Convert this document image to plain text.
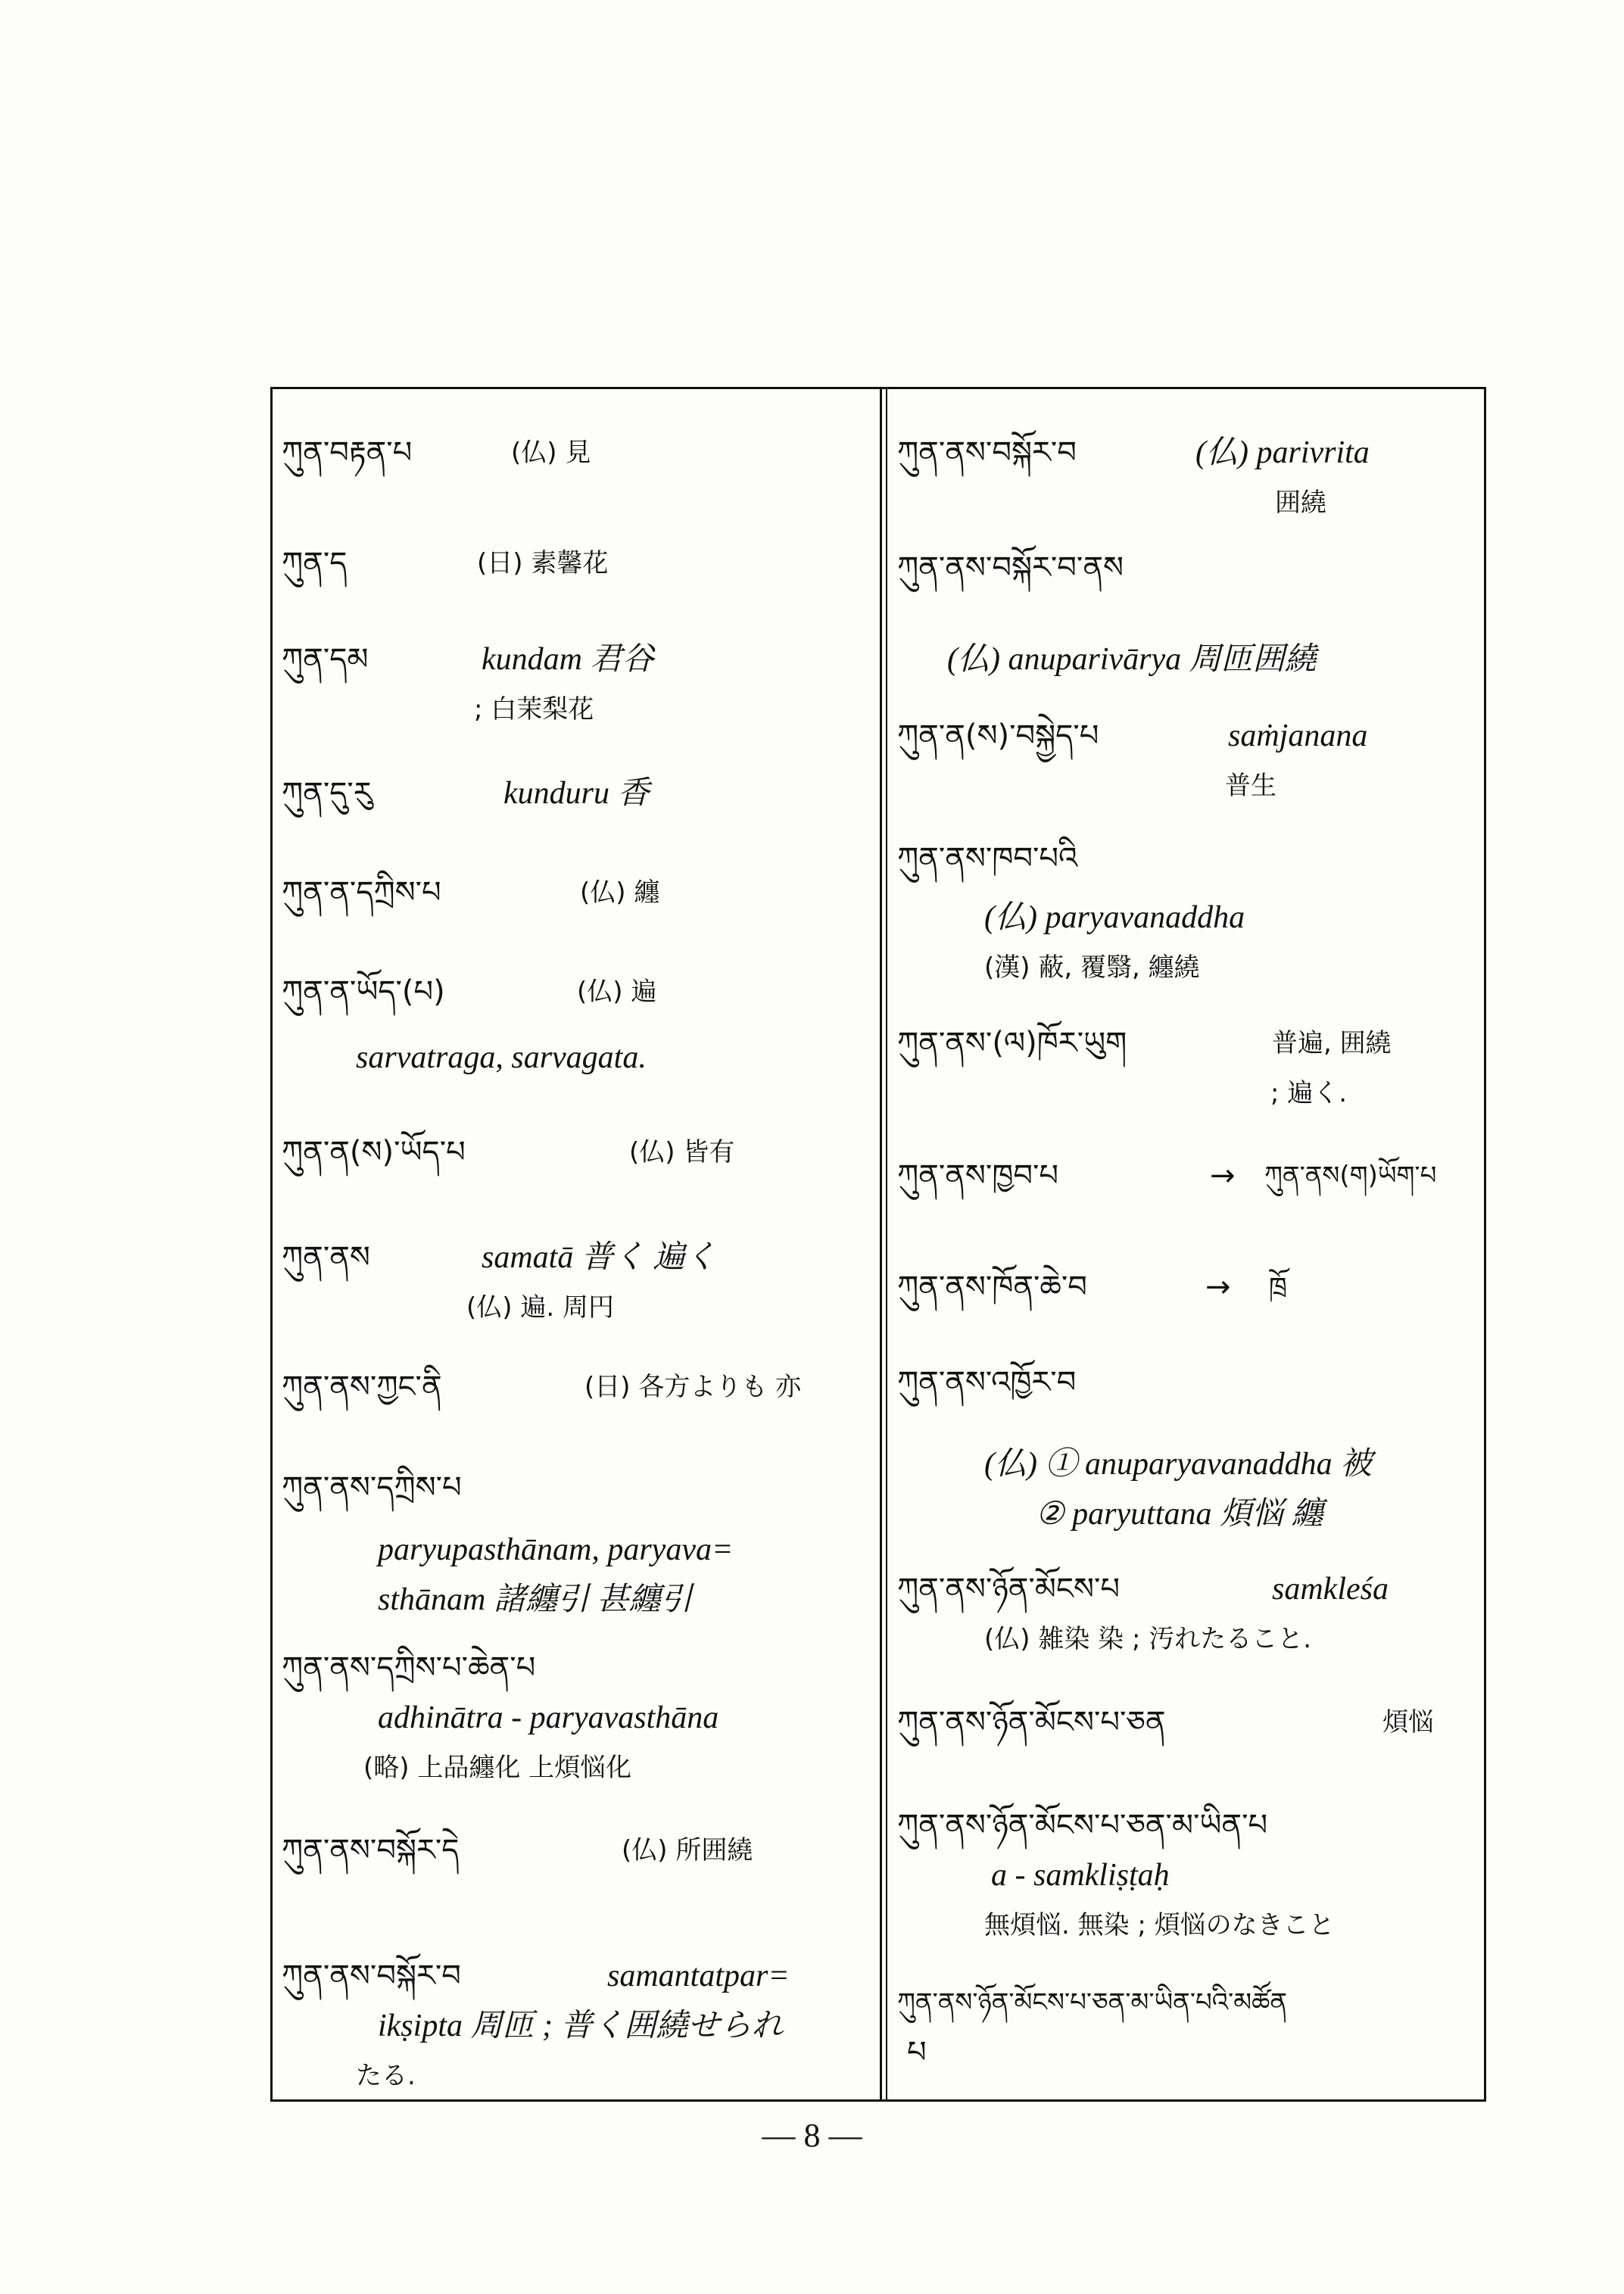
ཀུན་བརྟན་པ	(仏) 見
ཀུན་ད	(日) 素馨花
ཀུན་དམ	kundam 君谷
; 白茉梨花
ཀུན་དུ་རུ	kunduru 香
ཀུན་ན་དཀྲིས་པ	(仏) 纏
ཀུན་ན་ཡོད་(པ)	(仏) 遍
sarvatraga, sarvagata.
ཀུན་ན(ས)་ཡོད་པ	(仏) 皆有
ཀུན་ནས	samatā 普く 遍く
(仏) 遍. 周円
ཀུན་ནས་ཀྱང་ནི	(日) 各方よりも 亦
ཀུན་ནས་དཀྲིས་པ
paryupasthānam, paryava=
sthānam 諸纏引 甚纏引
ཀུན་ནས་དཀྲིས་པ་ཆེན་པ
adhinātra - paryavasthāna
(略) 上品纏化 上煩悩化
ཀུན་ནས་བསྐོར་དེ	(仏) 所囲繞
ཀུན་ནས་བསྐོར་བ	samantatpar=
ikṣipta 周匝 ; 普く囲繞せられ
たる.
ཀུན་ནས་བསྐོར་བ	(仏) parivrita
囲繞
ཀུན་ནས་བསྐོར་བ་ནས
(仏) anuparivārya 周匝囲繞
ཀུན་ན(ས)་བསྐྱེད་པ	saṁjanana
普生
ཀུན་ནས་ཁབ་པའི
(仏) paryavanaddha
(漢) 蔽, 覆翳, 纏繞
ཀུན་ནས་(ལ)ཁོར་ཡུག	普遍, 囲繞
; 遍く.
ཀུན་ནས་ཁྱབ་པ	→ ཀུན་ནས(ག)ཡོག་པ
ཀུན་ནས་ཁོན་ཆེ་བ	→ ཁྲོ
ཀུན་ནས་འཁྱོར་བ
(仏) ① anuparyavanaddha 被
② paryuttana 煩悩 纏
ཀུན་ནས་ཉོན་མོངས་པ	samkleśa
(仏) 雑染 染 ; 汚れたること.
ཀུན་ནས་ཉོན་མོངས་པ་ཅན	煩悩
ཀུན་ནས་ཉོན་མོངས་པ་ཅན་མ་ཡིན་པ
a - samkliṣṭaḥ
無煩悩. 無染 ; 煩悩のなきこと
ཀུན་ནས་ཉོན་མོངས་པ་ཅན་མ་ཡིན་པའི་མཚོན
པ
— 8 —
